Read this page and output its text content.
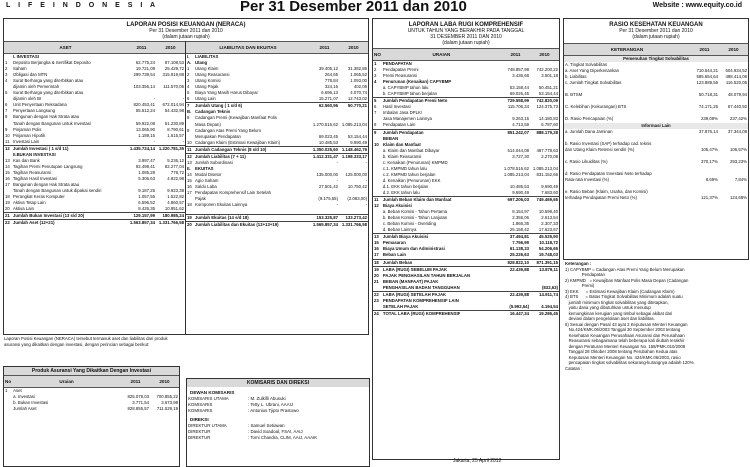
L I F E I N D O N E S I A	Per 31 Desember 2011 dan 2010	Website : www.equity.co.id
LAPORAN POSISI KEUANGAN (NERACA)
Per 31 Desember 2011 dan 2010
(dalam jutaan rupiah)
ASET		2011	2010
	I. INVESTASI		
1	Deposito Berjangka & Sertifikat Deposito	62.775,24	87.108,53
2	Saham	19.721,09	25.429,72
3	Obligasi dan MTN	299.739,54	315.919,88
4	Surat Berharga yang diterbitkan atau		
	dijamin oleh Pemerintah	103.356,14	111.570,06
5	Surat Berharga yang diterbitkan atau		
	dijamin oleh BI	-	-
6	Unit Penyertaan Reksadana	820.453,41	672.014,94
7	Penyertaan Langsung	55.512,24	54.432,98
8	Bangunan dengan Hak Strata atau		
	Tanah dengan Bangunan untuk Investasi	59.922,08	51.230,89
9	Pinjaman Polis	13.065,90	8.790,61
10	Pinjaman Hipotik	1.189,15	1.615,57
11	Investasi Lain	-	-
12	Jumlah Investasi ( 1 s/d 11)	1.435.724,14	1.220.781,35
	II.BUKAN INVESTASI		
13	Kas dan Bank	3.997,47	5.236,12
14	Tagihan Premi Penutupan Langsung	92.499,41	82.277,04
15	Tagihan Reasuransi	1.085,28	778,72
16	Tagihan Hasil Investasi	5.306,63	4.922,98
17	Bangunan dengan Hak Strata atau		
	Tanah dengan Bangunan untuk dipakai sendiri	9.187,25	9.923,38
18	Perangkat Keras Komputer	1.057,55	1.522,82
19	Aktiva Tetap Lain	6.596,52	4.860,57
20	Aktiva Lain	8.426,35	10.951,62
21	Jumlah Bukan Investasi (13 s/d 20)	129.157,99	180.985,24
22	Jumlah Aset (12+21)	1.563.857,34	1.331.766,58
LIABILITAS DAN EKUITAS		2011	2010
I.	LIABILITAS		
A.	Utang		
1	Utang Klaim	39.405,12	31.382,86
2	Utang Reasuransi	264,65	1.065,52
3	Utang Komisi	778,84	1.093,00
4	Utang Pajak	324,16	402,06
5	Biaya Yang Masih Harus Dibayar	6.696,13	4.070,74
6	Utang Lain	15.271,07	12.743,02
7	Jumlah Utang ( 1 s/d 6)	62.560,96	50.770,21
B.	Cadangan Teknis		
8	Cadangan Premi (Kewajiban Manfaat Polis		
	Masa Depan)	1.270.516,62	1.085.213,04
9	Cadangan Atas Premi Yang Belum		
	Merupakan Pendapatan	69.023,45	53.154,44
10	Cadangan Klaim (Estimasi Kewajiban Klaim)	10.485,53	9.990,49
11	Jumlah Cadangan Teknis (8 s/d 10)	1.350.025,60	1.148.462,76
12	Jumlah Liabilitas (7 + 11)	1.412.331,47	1.198.333,17
13	Jumlah Subordinasi	-	-
II.	EKUITAS		
14	Modal Disetor	135.000,00	125.000,00
15	Agio Saham	-	-
16	Saldo Laba	27.501,42	10.750,42
17	Pendapatan Komprehensif Lain Setelah		
	Pajak	(9.175,55)	(2.083,00)
18	Komponen Ekuitas Lainnya	-	-

19	Jumlah Ekuitas (14 s/d 18)	153.325,87	133.273,42
20	Jumlah Liabilitas dan Ekuitas (12+13+19)	1.565.857,34	1.331.766,58
Laporan Posisi Keuangan (NERACA) tersebut termasuk aset dan liabilitas dari produk asuransi yang dikaitkan dengan investasi, dengan perincian sebagai berikut:
Produk Asuransi Yang Dikaitkan Dengan Investasi
No	Uraian	2011	2010
1	Aset		
	a. Investasi	825.078,03	700.855,22
	b. Bukan Investasi	3.771,54	3.673,98
	Jumlah Aset	828.855,57	711.529,19
KOMISARIS DAN DIREKSI
DEWAN KOMISARIS
KOMISARIS UTAMA	: M. Zulkifli Abusuki
KOMISARIS	: Tetty L. Ubrani, AAAIJ
KOMISARIS	: Antonius Tjipto Prastowo
DIREKSI
DIREKTUR UTAMA	: Samuel Setiawan
DIREKTUR	: David Soadoal, FSAI, AAIJ
DIREKTUR	: Tomi Chandra, CLIM, AAIJ, AAAIK
LAPORAN LABA RUGI KOMPREHENSIF
UNTUK TAHUN YANG BERAKHIR PADA TANGGAL
31 DESEMBER 2011 DAN 2010
(dalam jutaan rupiah)
NO	URAIAN	2011	2010
1	PENDAPATAN		
2	Pendapatan Premi	748.857,98	742.200,22
3	Premi Reasuransi	3.436,68	3.501,18
4	Penurunan (Kenaikan) CAPYBMP		
	a. CAPYBMP tahun lalu	53.158,44	50.451,21
	b. CAPYBMP tahun berjalan	69.026,45	53.154,44
5	Jumlah Pendapatan Premi Neto	729.558,99	742.820,09
6	Hasil Investasi	115.706,34	124.375,73
7	Imbalan Jasa DPLK/		
	Jasa Manajemen Lainnya	9.263,15	14.180,83
8	Pendapatan Lain	4.713,59	6.787,60
9	Jumlah Pendapatan	851.242,07	888.179,28
	BEBAN		
10	Klaim dan Manfaat		
	a. Klaim dan Manfaat Dibayar	514.044,08	487.778,63
	b. Klaim Reasuransi	3.727,30	2.270,08
	c. Kenaikan (Penurunan) KMPMD		
	c.1. KMPMD tahun lalu	1.078.516,62	1.085.213,04
	c.2. KMPMD tahun berjalan	1.085.213,04	831.152,66
	d. Kenaikan (Penurunan) EKK		
	d.1. EKK tahun berjalan	10.485,53	9.690,49
	d.2. EKK tahun lalu	9.690,49	7.683,60
11	Jumlah Beban Klaim dan Manfaat	697.206,03	749.469,65
12	Biaya Akuisisi		
	a. Beban Komisi - Tahun Pertama	8.154,97	10.599,40
	b. Beban Komisi - Tahun Lanjutan	2.355,06	2.613,54
	c. Beban Komisi - Overiding	1.866,35	2.307,33
	d. Beban Lainnya	25.158,42	17.623,67
13	Jumlah Biaya Akuisisi	37.494,81	45.525,90
15	Pemasaran	7.756,99	10.118,72
16	Biaya Umum dan Administrasi	61.138,33	54.206,65
17	Beban Lain	25.226,63	19.748,03
18	Jumlah Beban	828.822,10	871.391,15
19	LABA (RUGI) SEBELUM PAJAK	22.439,88	13.879,11
20	PAJAK PENGHASILAN TAHUN BERJALAN		
21	BEBAN (MANFAAT) PAJAK		
	PENGHASILAN BADAN TANGGUHAN		(832,63)
22	LABA (RUGI) SETELAH PAJAK	22.439,88	14.911,74
23	PENDAPATAN KOMPREHENSIF LAIN		
	SETELAH PAJAK	(5.992,54)	4.194,54
24	TOTAL LABA (RUGI) KOMPREHENSIF	16.447,34	19.286,45
Jakarta, 25 April 2012
RASIO KESEHATAN KEUANGAN
Per 31 Desember 2011 dan 2010
(dalam jutaan rupiah)
KETERANGAN	2011	2010
Pemenuhan Tingkat Solvabilitas		
A. Tingkat Solvabilitas		
a. Aset Yang Diperkenankan	710.544,21	604.934,52
b. Liabilitas	585.654,64	488.414,06
c. Jumlah Tingkat Solvabilitas	123.889,56	116.520,05

B. BTSM	50.718,31	48.079,94

C. Kelebihan (Kekurangan) BTS	74.171,25	67.440,92

D. Rasio Pencapaian (%)	239,09%	237,42%
Informasi Lain		
a. Jumlah Dana Jaminan	37.876,14	37.344,08

b. Rasio Investasi (SAP) terhadap cad. teknis		
dan Utang Klaim Retensi sendiri (%)	105,47%	106,57%

c. Rasio Likuiditas (%)	370,17%	293,23%

d. Rasio Pendapatan Investasi Neto terhadap		
Rata-rata Investasi (%)	8,69%	7,84%

e. Rasio Beban (Klaim, Usaha, dan Komisi)		
terhadap Pendapatan Premi Neto (%)	121,37%	124,68%
Keterangan :
1) CAPYBMP = Cadangan Atas Premi Yang Belum Merupakan
Pendapatan
2) KMPMD   = Kewajiban Manfaat Polis Masa Depan (Cadangan
Premi)
3) EKK      = Estimasi Kewajiban Klaim (Cadangan Klaim)
4) BTS      = Batas Tingkat Solvabilitas Minimum adalah suatu
jumlah minimum tingkat solvabilitas yang ditetapkan,
yaitu dana yang dibutuhkan untuk menutup
kemungkinan kerugian yang timbul sebagai akibat dari
deviasi dalam pengelolaan aset dan liabilitas.
5) Sesuai dengan Pasal 43 ayat 2 Keputusan Menteri Keuangan
No.424/KMK.06/2003 Tanggal 30 September 2003 tentang
Kesehatan Keuangan Perusahaan Asuransi dan Perusahaan
Reasuransi sebagaimana telah beberapa kali diubah terakhir
dengan Peraturan Menteri Keuangan No. 158/PMK.010/2008
Tanggal 28 Oktober 2008 tentang Perubahan Kedua atas
Keputusan Menteri Keuangan No. 424/KMK.06/2003, rasio
pencapaian tingkat solvabilitas sekurang-kurangnya adalah 120%.
Catatan :
